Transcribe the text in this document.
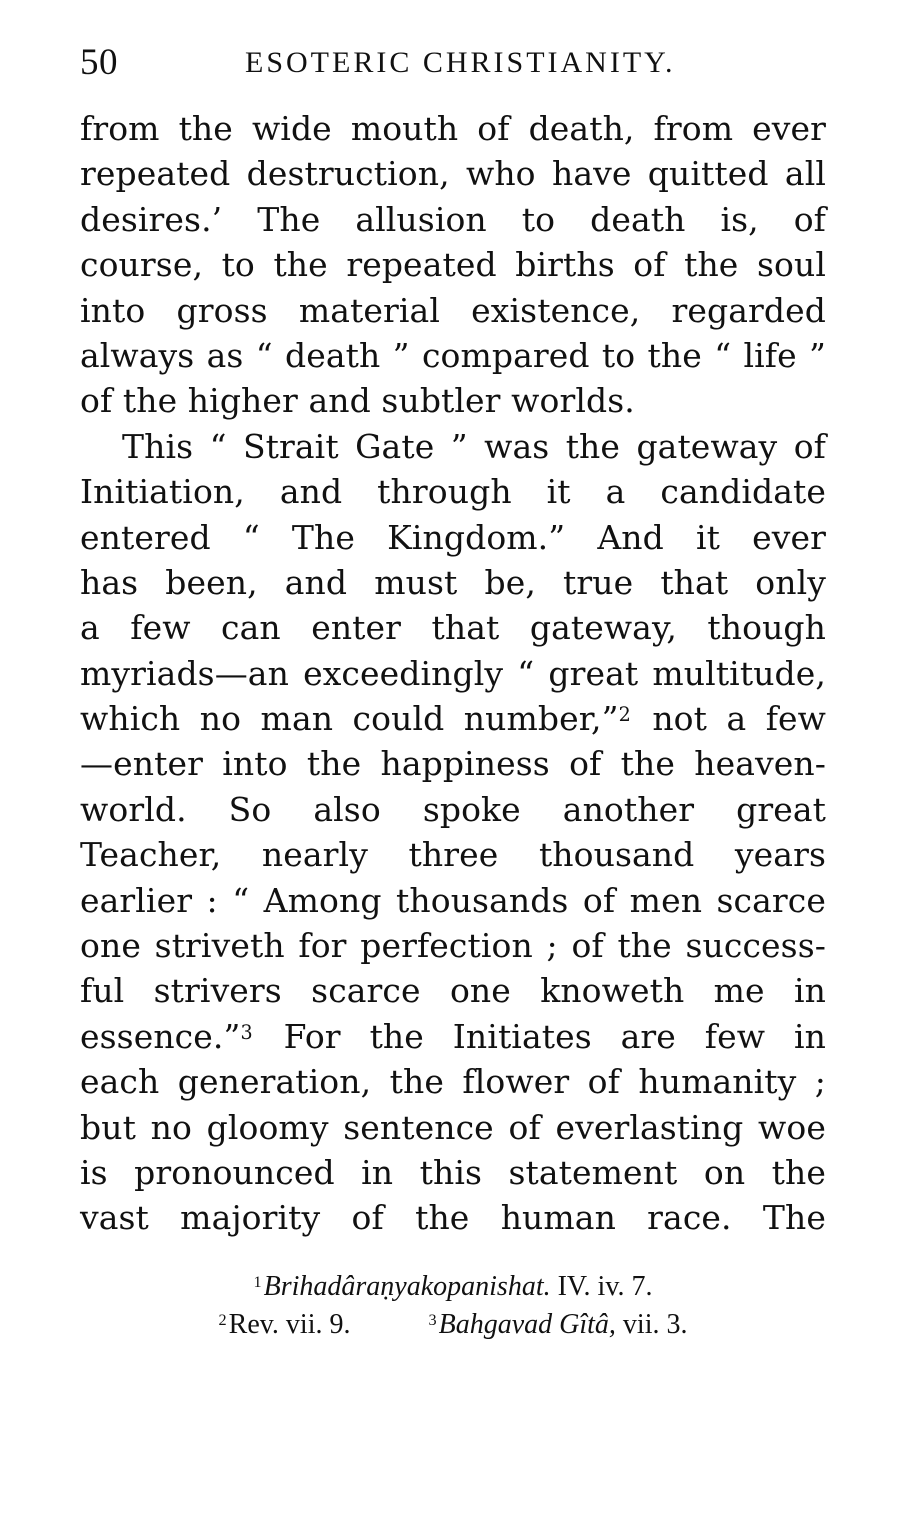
50	ESOTERIC CHRISTIANITY.
from the wide mouth of death, from ever
repeated destruction, who have quitted all
desires.’ The allusion to death is, of
course, to the repeated births of the soul
into gross material existence, regarded
always as “ death ” compared to the “ life ”
of the higher and subtler worlds.
This “ Strait Gate ” was the gateway of
Initiation, and through it a candidate
entered “ The Kingdom.” And it ever
has been, and must be, true that only
a few can enter that gateway, though
myriads—an exceedingly “ great multitude,
which no man could number,”$^2$ not a few
—enter into the happiness of the heaven-
world. So also spoke another great
Teacher, nearly three thousand years
earlier : “ Among thousands of men scarce
one striveth for perfection ; of the success-
ful strivers scarce one knoweth me in
essence.”$^3$ For the Initiates are few in
each generation, the flower of humanity ;
but no gloomy sentence of everlasting woe
is pronounced in this statement on the
vast majority of the human race. The
$^1$Brihadâraṇyakopanishat. IV. iv. 7.
$^2$Rev. vii. 9.	$^3$Bahgavad Gîtâ, vii. 3.
